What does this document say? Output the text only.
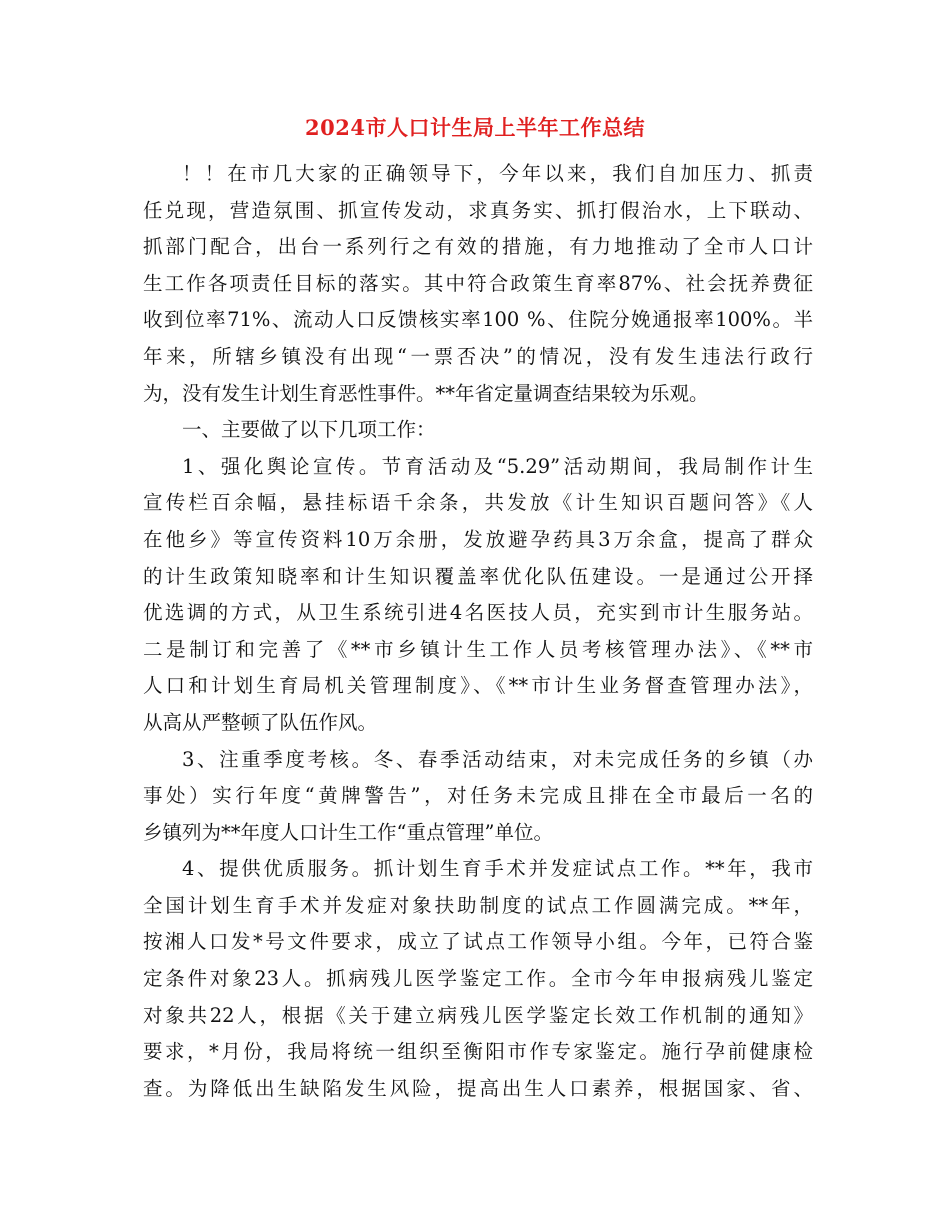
2024市人口计生局上半年工作总结
！！在市几大家的正确领导下，今年以来，我们自加压力、抓责
任兑现，营造氛围、抓宣传发动，求真务实、抓打假治水，上下联动、
抓部门配合，出台一系列行之有效的措施，有力地推动了全市人口计
生工作各项责任目标的落实。其中符合政策生育率87%、社会抚养费征
收到位率71%、流动人口反馈核实率100 %、住院分娩通报率100%。半
年来，所辖乡镇没有出现“一票否决”的情况，没有发生违法行政行
为，没有发生计划生育恶性事件。**年省定量调查结果较为乐观。
一、主要做了以下几项工作：
1、强化舆论宣传。节育活动及“5.29”活动期间，我局制作计生
宣传栏百余幅，悬挂标语千余条，共发放《计生知识百题问答》《人
在他乡》等宣传资料10万余册，发放避孕药具3万余盒，提高了群众
的计生政策知晓率和计生知识覆盖率优化队伍建设。一是通过公开择
优选调的方式，从卫生系统引进4名医技人员，充实到市计生服务站。
二是制订和完善了《**市乡镇计生工作人员考核管理办法》、《**市
人口和计划生育局机关管理制度》、《**市计生业务督查管理办法》，
从高从严整顿了队伍作风。
3、注重季度考核。冬、春季活动结束，对未完成任务的乡镇（办
事处）实行年度“黄牌警告”，对任务未完成且排在全市最后一名的
乡镇列为**年度人口计生工作“重点管理”单位。
4、提供优质服务。抓计划生育手术并发症试点工作。**年，我市
全国计划生育手术并发症对象扶助制度的试点工作圆满完成。**年，
按湘人口发*号文件要求，成立了试点工作领导小组。今年，已符合鉴
定条件对象23人。抓病残儿医学鉴定工作。全市今年申报病残儿鉴定
对象共22人，根据《关于建立病残儿医学鉴定长效工作机制的通知》
要求，*月份，我局将统一组织至衡阳市作专家鉴定。施行孕前健康检
查。为降低出生缺陷发生风险，提高出生人口素养，根据国家、省、
